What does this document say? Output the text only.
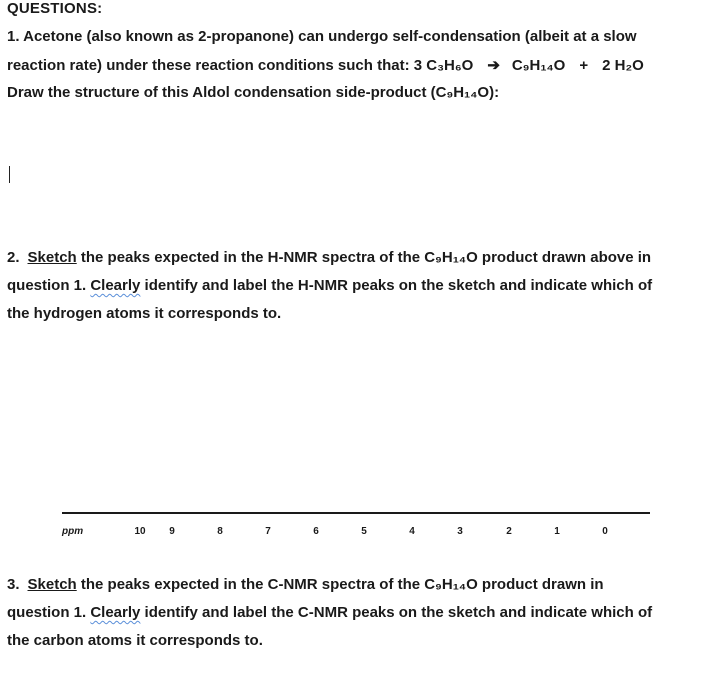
QUESTIONS:
1. Acetone (also known as 2-propanone) can undergo self-condensation (albeit at a slow
reaction rate) under these reaction conditions such that: 3 C₃H₆O ➔ C₉H₁₄O + 2 H₂O
Draw the structure of this Aldol condensation side-product (C₉H₁₄O):
2. Sketch the peaks expected in the H-NMR spectra of the C₉H₁₄O product drawn above in
question 1. Clearly identify and label the H-NMR peaks on the sketch and indicate which of
the hydrogen atoms it corresponds to.
ppm	10 9	8	7	6	5	4	3	2	1	0
3. Sketch the peaks expected in the C-NMR spectra of the C₉H₁₄O product drawn in
question 1. Clearly identify and label the C-NMR peaks on the sketch and indicate which of
the carbon atoms it corresponds to.
